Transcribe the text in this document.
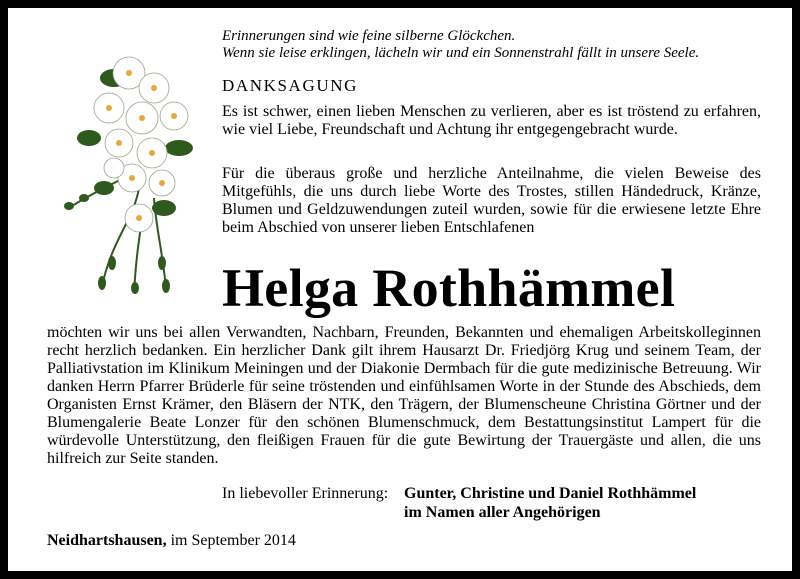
Erinnerungen sind wie feine silberne Glöckchen.
Wenn sie leise erklingen, lächeln wir und ein Sonnenstrahl fällt in unsere Seele.
DANKSAGUNG
Es ist schwer, einen lieben Menschen zu verlieren, aber es ist tröstend zu erfahren, wie viel Liebe, Freundschaft und Achtung ihr entgegengebracht wurde.
Für die überaus große und herzliche Anteilnahme, die vielen Beweise des Mitgefühls, die uns durch liebe Worte des Trostes, stillen Händedruck, Kränze, Blumen und Geldzuwendungen zuteil wurden, sowie für die erwiesene letzte Ehre beim Abschied von unserer lieben Entschlafenen
Helga Rothhämmel
möchten wir uns bei allen Verwandten, Nachbarn, Freunden, Bekannten und ehemaligen Arbeitskolleginnen recht herzlich bedanken. Ein herzlicher Dank gilt ihrem Hausarzt Dr. Friedjörg Krug und seinem Team, der Palliativstation im Klinikum Meiningen und der Diakonie Dermbach für die gute medizinische Betreuung. Wir danken Herrn Pfarrer Brüderle für seine tröstenden und einfühlsamen Worte in der Stunde des Abschieds, dem Organisten Ernst Krämer, den Bläsern der NTK, den Trägern, der Blumenscheune Christina Görtner und der Blumengalerie Beate Lonzer für den schönen Blumenschmuck, dem Bestattungsinstitut Lampert für die würdevolle Unterstützung, den fleißigen Frauen für die gute Bewirtung der Trauergäste und allen, die uns hilfreich zur Seite standen.
In liebevoller Erinnerung: Gunter, Christine und Daniel Rothhämmel
im Namen aller Angehörigen
Neidhartshausen, im September 2014
